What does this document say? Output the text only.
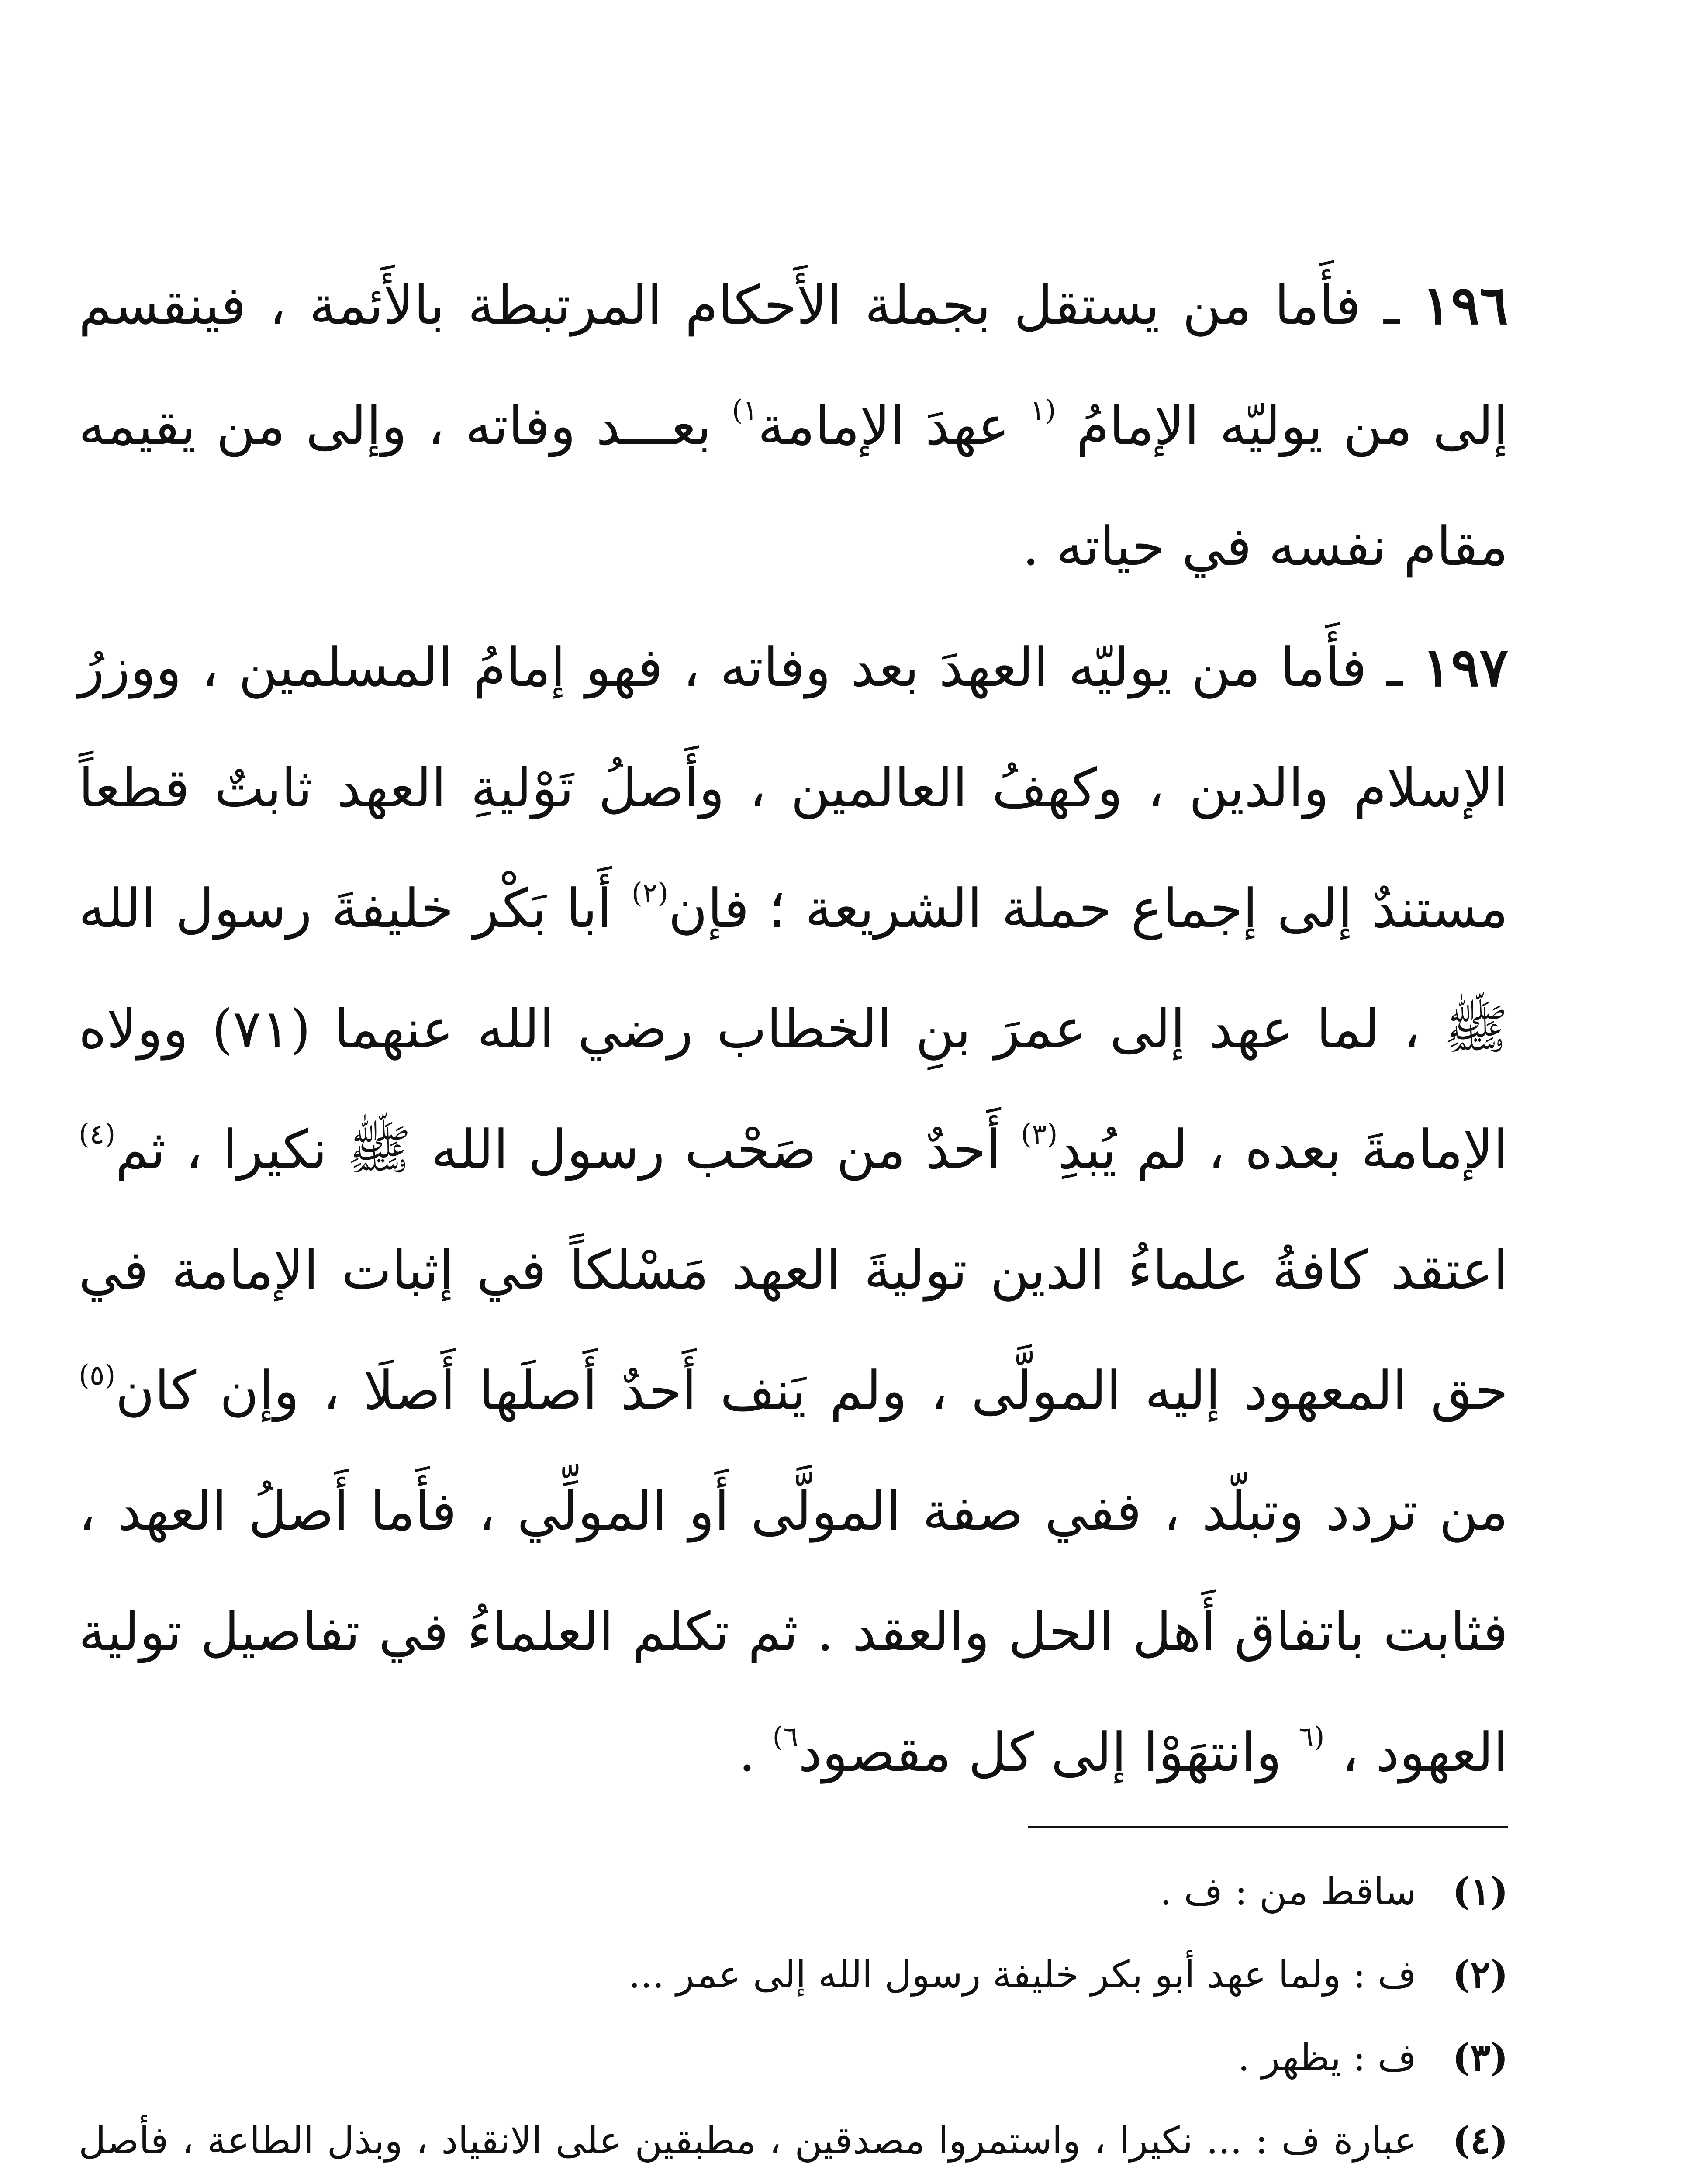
١٩٦ ـ فأَما من يستقل بجملة الأَحكام المرتبطة بالأَئمة ، فينقسم إلى من يوليّه الإمامُ $^{(١}$ عهدَ الإمامة$^{١)}$ بعـــد وفاته ، وإلى من يقيمه مقام نفسه في حياته .

١٩٧ ـ فأَما من يوليّه العهدَ بعد وفاته ، فهو إمامُ المسلمين ، ووزرُ الإسلام والدين ، وكهفُ العالمين ، وأَصلُ تَوْليةِ العهد ثابتٌ قطعاً مستندٌ إلى إجماع حملة الشريعة ؛ فإن$^{(٢)}$ أَبا بَكْر خليفةَ رسول الله ﷺ ، لما عهد إلى عمرَ بنِ الخطاب رضي الله عنهما (٧١) وولاه الإمامةَ بعده ، لم يُبدِ$^{(٣)}$ أَحدٌ من صَحْب رسول الله ﷺ نكيرا ، ثم$^{(٤)}$ اعتقد كافةُ علماءُ الدين توليةَ العهد مَسْلكاً في إثبات الإمامة في حق المعهود إليه المولَّى ، ولم يَنف أَحدٌ أَصلَها أَصلَا ، وإن كان$^{(٥)}$ من تردد وتبلّد ، ففي صفة المولَّى أَو المولِّي ، فأَما أَصلُ العهد ، فثابت باتفاق أَهل الحل والعقد . ثم تكلم العلماءُ في تفاصيل تولية العهود ، $^{(٦}$ وانتهَوْا إلى كل مقصود$^{٦)}$ .

(١)
ساقط من : ف .
(٢)
ف : ولما عهد أبو بكر خليفة رسول الله إلى عمر ...
(٣)
ف : يظهر .
(٤)
عبارة ف : ... نكيرا ، واستمروا مصدقين ، مطبقين على الانقياد ، وبذل الطاعة ، فأصل
